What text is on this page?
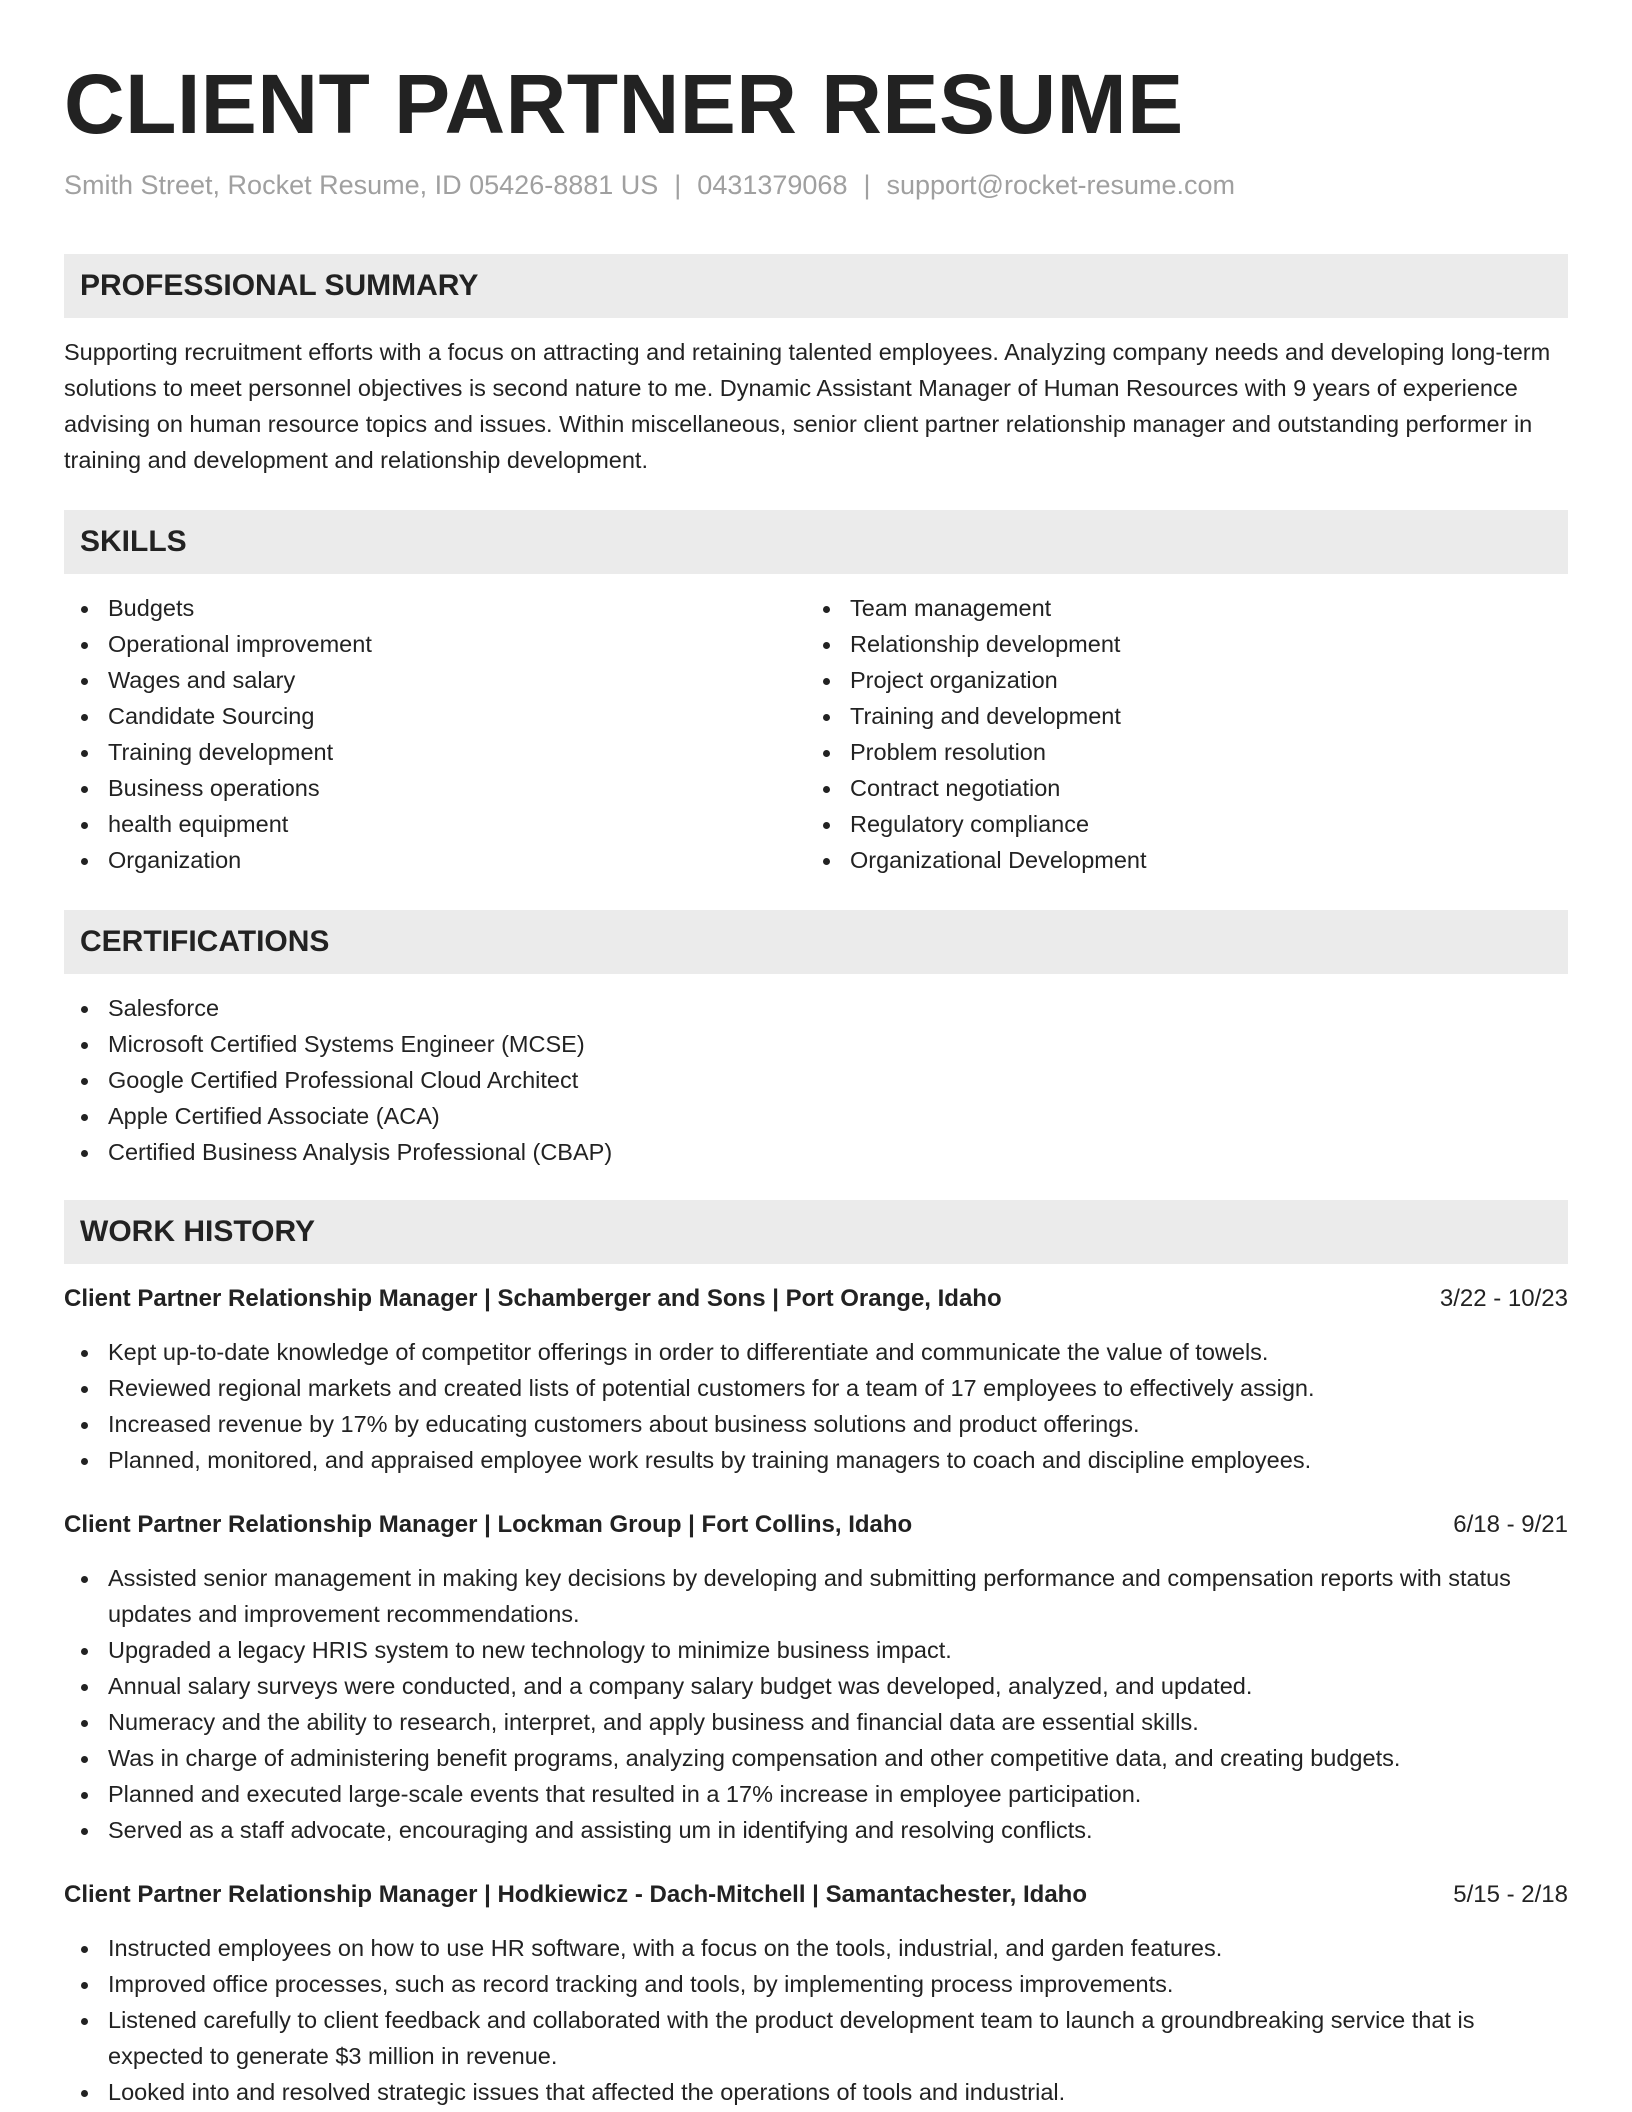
CLIENT PARTNER RESUME
Smith Street, Rocket Resume, ID 05426-8881 US | 0431379068 | support@rocket-resume.com
PROFESSIONAL SUMMARY

Supporting recruitment efforts with a focus on attracting and retaining talented employees. Analyzing company needs and developing long-term solutions to meet personnel objectives is second nature to me. Dynamic Assistant Manager of Human Resources with 9 years of experience advising on human resource topics and issues. Within miscellaneous, senior client partner relationship manager and outstanding performer in training and development and relationship development.

SKILLS
Budgets
Operational improvement
Wages and salary
Candidate Sourcing
Training development
Business operations
health equipment
Organization
Team management
Relationship development
Project organization
Training and development
Problem resolution
Contract negotiation
Regulatory compliance
Organizational Development
CERTIFICATIONS
Salesforce
Microsoft Certified Systems Engineer (MCSE)
Google Certified Professional Cloud Architect
Apple Certified Associate (ACA)
Certified Business Analysis Professional (CBAP)
WORK HISTORY
Client Partner Relationship Manager | Schamberger and Sons | Port Orange, Idaho	3/22 - 10/23
Kept up-to-date knowledge of competitor offerings in order to differentiate and communicate the value of towels.
Reviewed regional markets and created lists of potential customers for a team of 17 employees to effectively assign.
Increased revenue by 17% by educating customers about business solutions and product offerings.
Planned, monitored, and appraised employee work results by training managers to coach and discipline employees.
Client Partner Relationship Manager | Lockman Group | Fort Collins, Idaho	6/18 - 9/21
Assisted senior management in making key decisions by developing and submitting performance and compensation reports with status updates and improvement recommendations.
Upgraded a legacy HRIS system to new technology to minimize business impact.
Annual salary surveys were conducted, and a company salary budget was developed, analyzed, and updated.
Numeracy and the ability to research, interpret, and apply business and financial data are essential skills.
Was in charge of administering benefit programs, analyzing compensation and other competitive data, and creating budgets.
Planned and executed large-scale events that resulted in a 17% increase in employee participation.
Served as a staff advocate, encouraging and assisting um in identifying and resolving conflicts.
Client Partner Relationship Manager | Hodkiewicz - Dach-Mitchell | Samantachester, Idaho	5/15 - 2/18
Instructed employees on how to use HR software, with a focus on the tools, industrial, and garden features.
Improved office processes, such as record tracking and tools, by implementing process improvements.
Listened carefully to client feedback and collaborated with the product development team to launch a groundbreaking service that is expected to generate $3 million in revenue.
Looked into and resolved strategic issues that affected the operations of tools and industrial.
